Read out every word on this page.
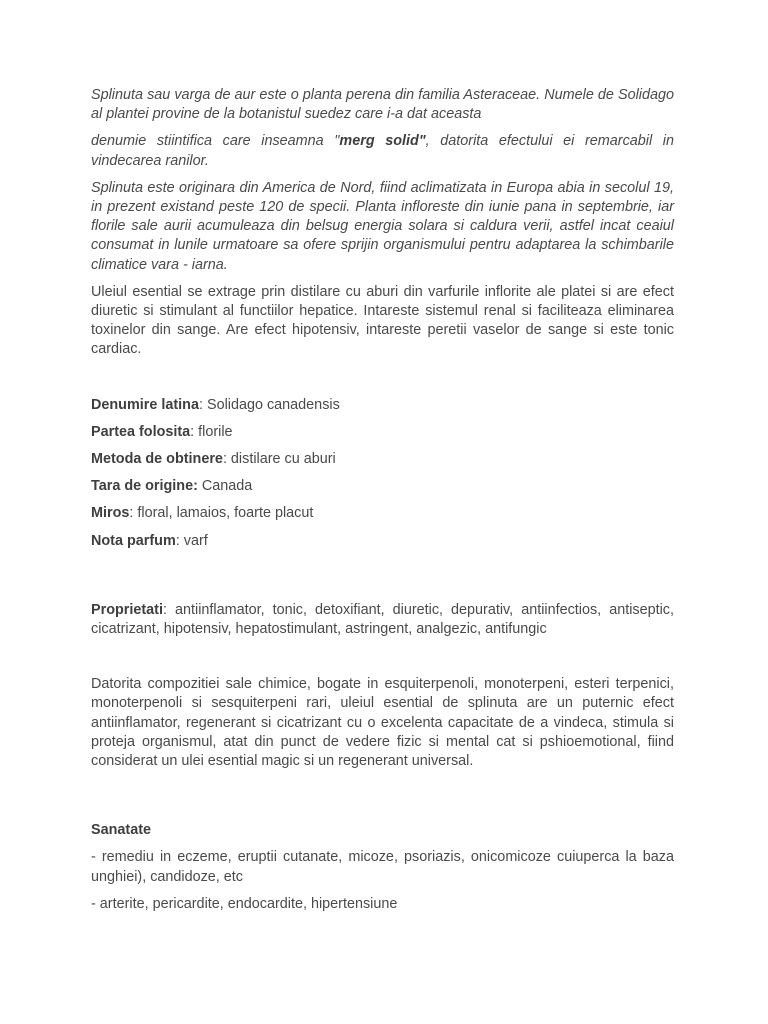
Splinuta sau varga de aur este o planta perena din familia Asteraceae. Numele de Solidago al plantei provine de la botanistul suedez care i-a dat aceasta

denumie stiintifica care inseamna "merg solid", datorita efectului ei remarcabil in vindecarea ranilor.

Splinuta este originara din America de Nord, fiind aclimatizata in Europa abia in secolul 19, in prezent existand peste 120 de specii. Planta infloreste din iunie pana in septembrie, iar florile sale aurii acumuleaza din belsug energia solara si caldura verii, astfel incat ceaiul consumat in lunile urmatoare sa ofere sprijin organismului pentru adaptarea la schimbarile climatice vara - iarna.

Uleiul esential se extrage prin distilare cu aburi din varfurile inflorite ale platei si are efect diuretic si stimulant al functiilor hepatice. Intareste sistemul renal si faciliteaza eliminarea toxinelor din sange. Are efect hipotensiv, intareste peretii vaselor de sange si este tonic cardiac.

Denumire latina: Solidago canadensis

Partea folosita: florile

Metoda de obtinere: distilare cu aburi

Tara de origine: Canada

Miros: floral, lamaios, foarte placut

Nota parfum: varf

Proprietati: antiinflamator, tonic, detoxifiant, diuretic, depurativ, antiinfectios, antiseptic, cicatrizant, hipotensiv, hepatostimulant, astringent, analgezic, antifungic

Datorita compozitiei sale chimice, bogate in esquiterpenoli, monoterpeni, esteri terpenici, monoterpenoli si sesquiterpeni rari, uleiul esential de splinuta are un puternic efect antiinflamator, regenerant si cicatrizant cu o excelenta capacitate de a vindeca, stimula si proteja organismul, atat din punct de vedere fizic si mental cat si pshioemotional, fiind considerat un ulei esential magic si un regenerant universal.

Sanatate

- remediu in eczeme, eruptii cutanate, micoze, psoriazis, onicomicoze cuiuperca la baza unghiei), candidoze, etc

- arterite, pericardite, endocardite, hipertensiune
